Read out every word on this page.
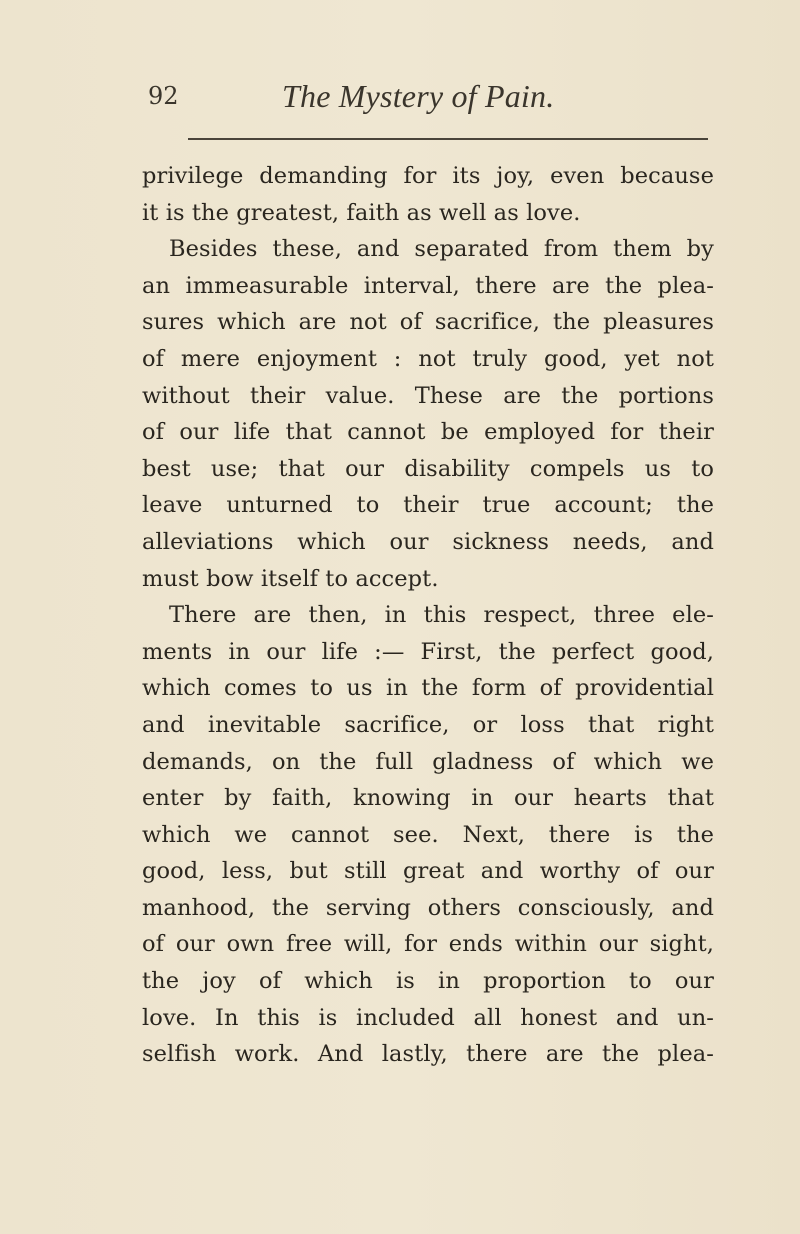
92	The Mystery of Pain.
privilege demanding for its joy, even because
it is the greatest, faith as well as love.
Besides these, and separated from them by
an immeasurable interval, there are the plea-
sures which are not of sacrifice, the pleasures
of mere enjoyment : not truly good, yet not
without their value. These are the portions
of our life that cannot be employed for their
best use; that our disability compels us to
leave unturned to their true account; the
alleviations which our sickness needs, and
must bow itself to accept.
There are then, in this respect, three ele-
ments in our life :— First, the perfect good,
which comes to us in the form of providential
and inevitable sacrifice, or loss that right
demands, on the full gladness of which we
enter by faith, knowing in our hearts that
which we cannot see. Next, there is the
good, less, but still great and worthy of our
manhood, the serving others consciously, and
of our own free will, for ends within our sight,
the joy of which is in proportion to our
love. In this is included all honest and un-
selfish work. And lastly, there are the plea-
